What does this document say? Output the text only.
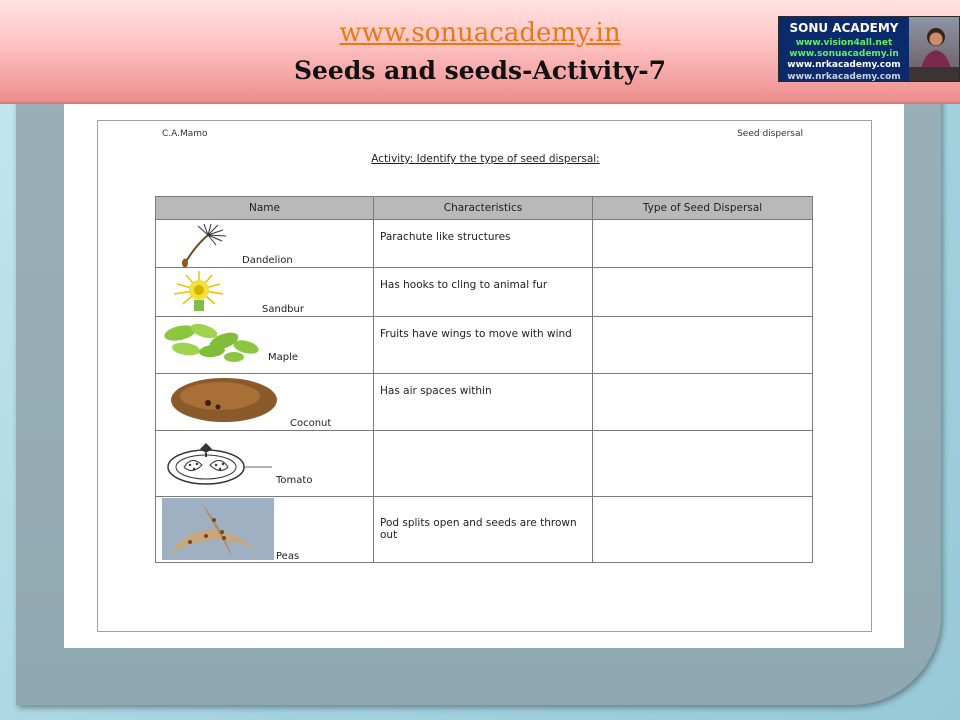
www.sonuacademy.in
Seeds and seeds-Activity-7
SONU ACADEMY
www.vision4all.net
www.sonuacademy.in
www.nrkacademy.com
www.nrkacademy.com
C.A.Mamo	Seed dispersal
Activity: Identify the type of seed dispersal:
Name	Characteristics	Type of Seed Dispersal

Dandelion	Parachute like structures	

Sandbur	Has hooks to cling to animal fur	

Maple	Fruits have wings to move with wind	

Coconut	Has air spaces within	

Tomato		

Peas	Pod splits open and seeds are thrown out	
